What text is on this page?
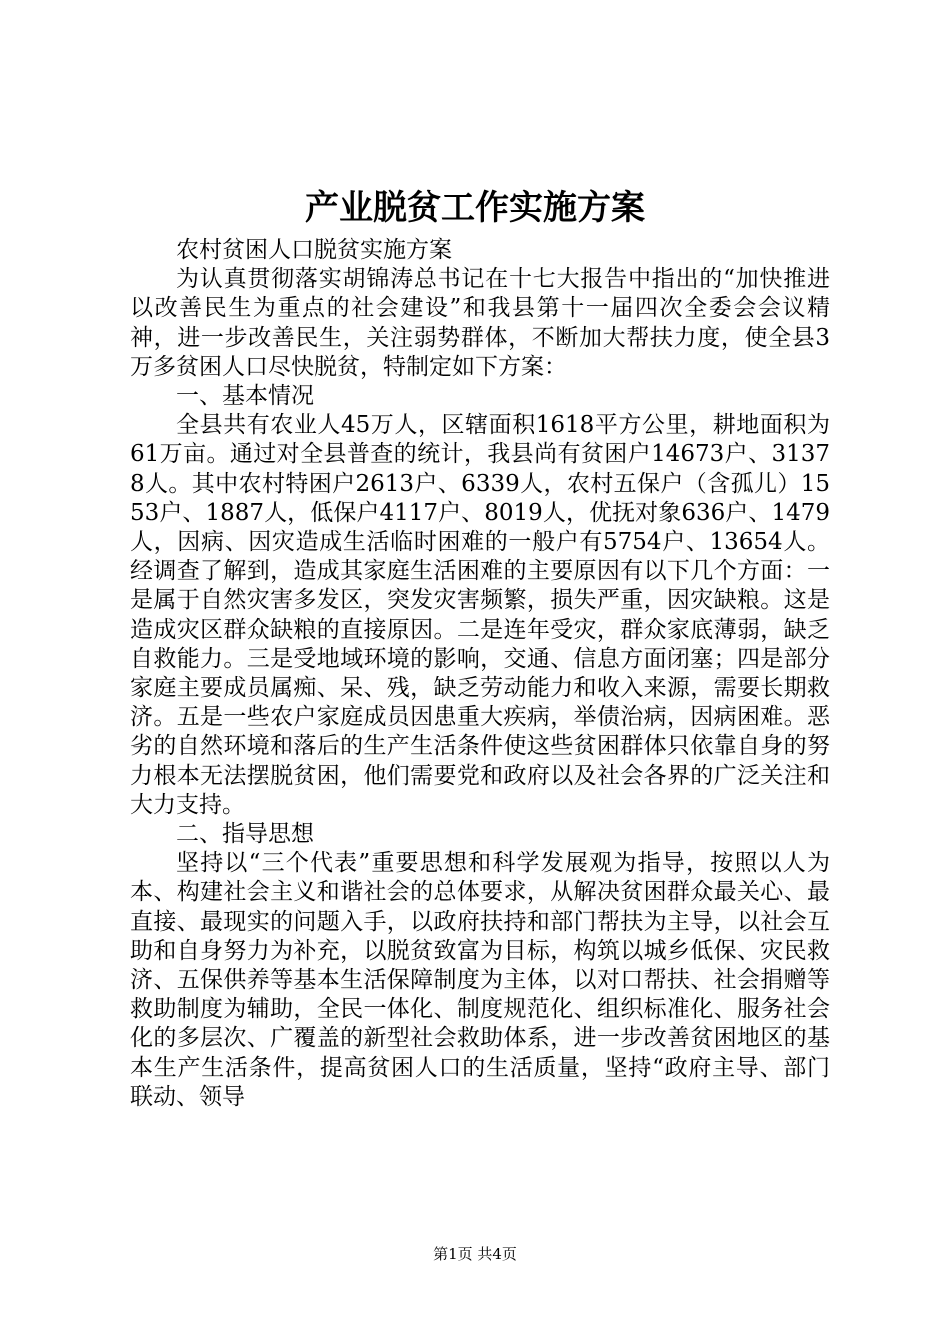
产业脱贫工作实施方案

农村贫困人口脱贫实施方案

为认真贯彻落实胡锦涛总书记在十七大报告中指出的“加快推进以改善民生为重点的社会建设”和我县第十一届四次全委会会议精神，进一步改善民生，关注弱势群体，不断加大帮扶力度，使全县3万多贫困人口尽快脱贫，特制定如下方案：

一、基本情况

全县共有农业人45万人，区辖面积1618平方公里，耕地面积为61万亩。通过对全县普查的统计，我县尚有贫困户14673户、31378人。其中农村特困户2613户、6339人，农村五保户（含孤儿）1553户、1887人，低保户4117户、8019人，优抚对象636户、1479人，因病、因灾造成生活临时困难的一般户有5754户、13654人。经调查了解到，造成其家庭生活困难的主要原因有以下几个方面：一是属于自然灾害多发区，突发灾害频繁，损失严重，因灾缺粮。这是造成灾区群众缺粮的直接原因。二是连年受灾，群众家底薄弱，缺乏自救能力。三是受地域环境的影响，交通、信息方面闭塞；四是部分家庭主要成员属痴、呆、残，缺乏劳动能力和收入来源，需要长期救济。五是一些农户家庭成员因患重大疾病，举债治病，因病困难。恶劣的自然环境和落后的生产生活条件使这些贫困群体只依靠自身的努力根本无法摆脱贫困，他们需要党和政府以及社会各界的广泛关注和大力支持。

二、指导思想

坚持以“三个代表”重要思想和科学发展观为指导，按照以人为本、构建社会主义和谐社会的总体要求，从解决贫困群众最关心、最直接、最现实的问题入手，以政府扶持和部门帮扶为主导，以社会互助和自身努力为补充，以脱贫致富为目标，构筑以城乡低保、灾民救济、五保供养等基本生活保障制度为主体，以对口帮扶、社会捐赠等救助制度为辅助，全民一体化、制度规范化、组织标准化、服务社会化的多层次、广覆盖的新型社会救助体系，进一步改善贫困地区的基本生产生活条件，提高贫困人口的生活质量，坚持“政府主导、部门联动、领导

第1页 共4页
